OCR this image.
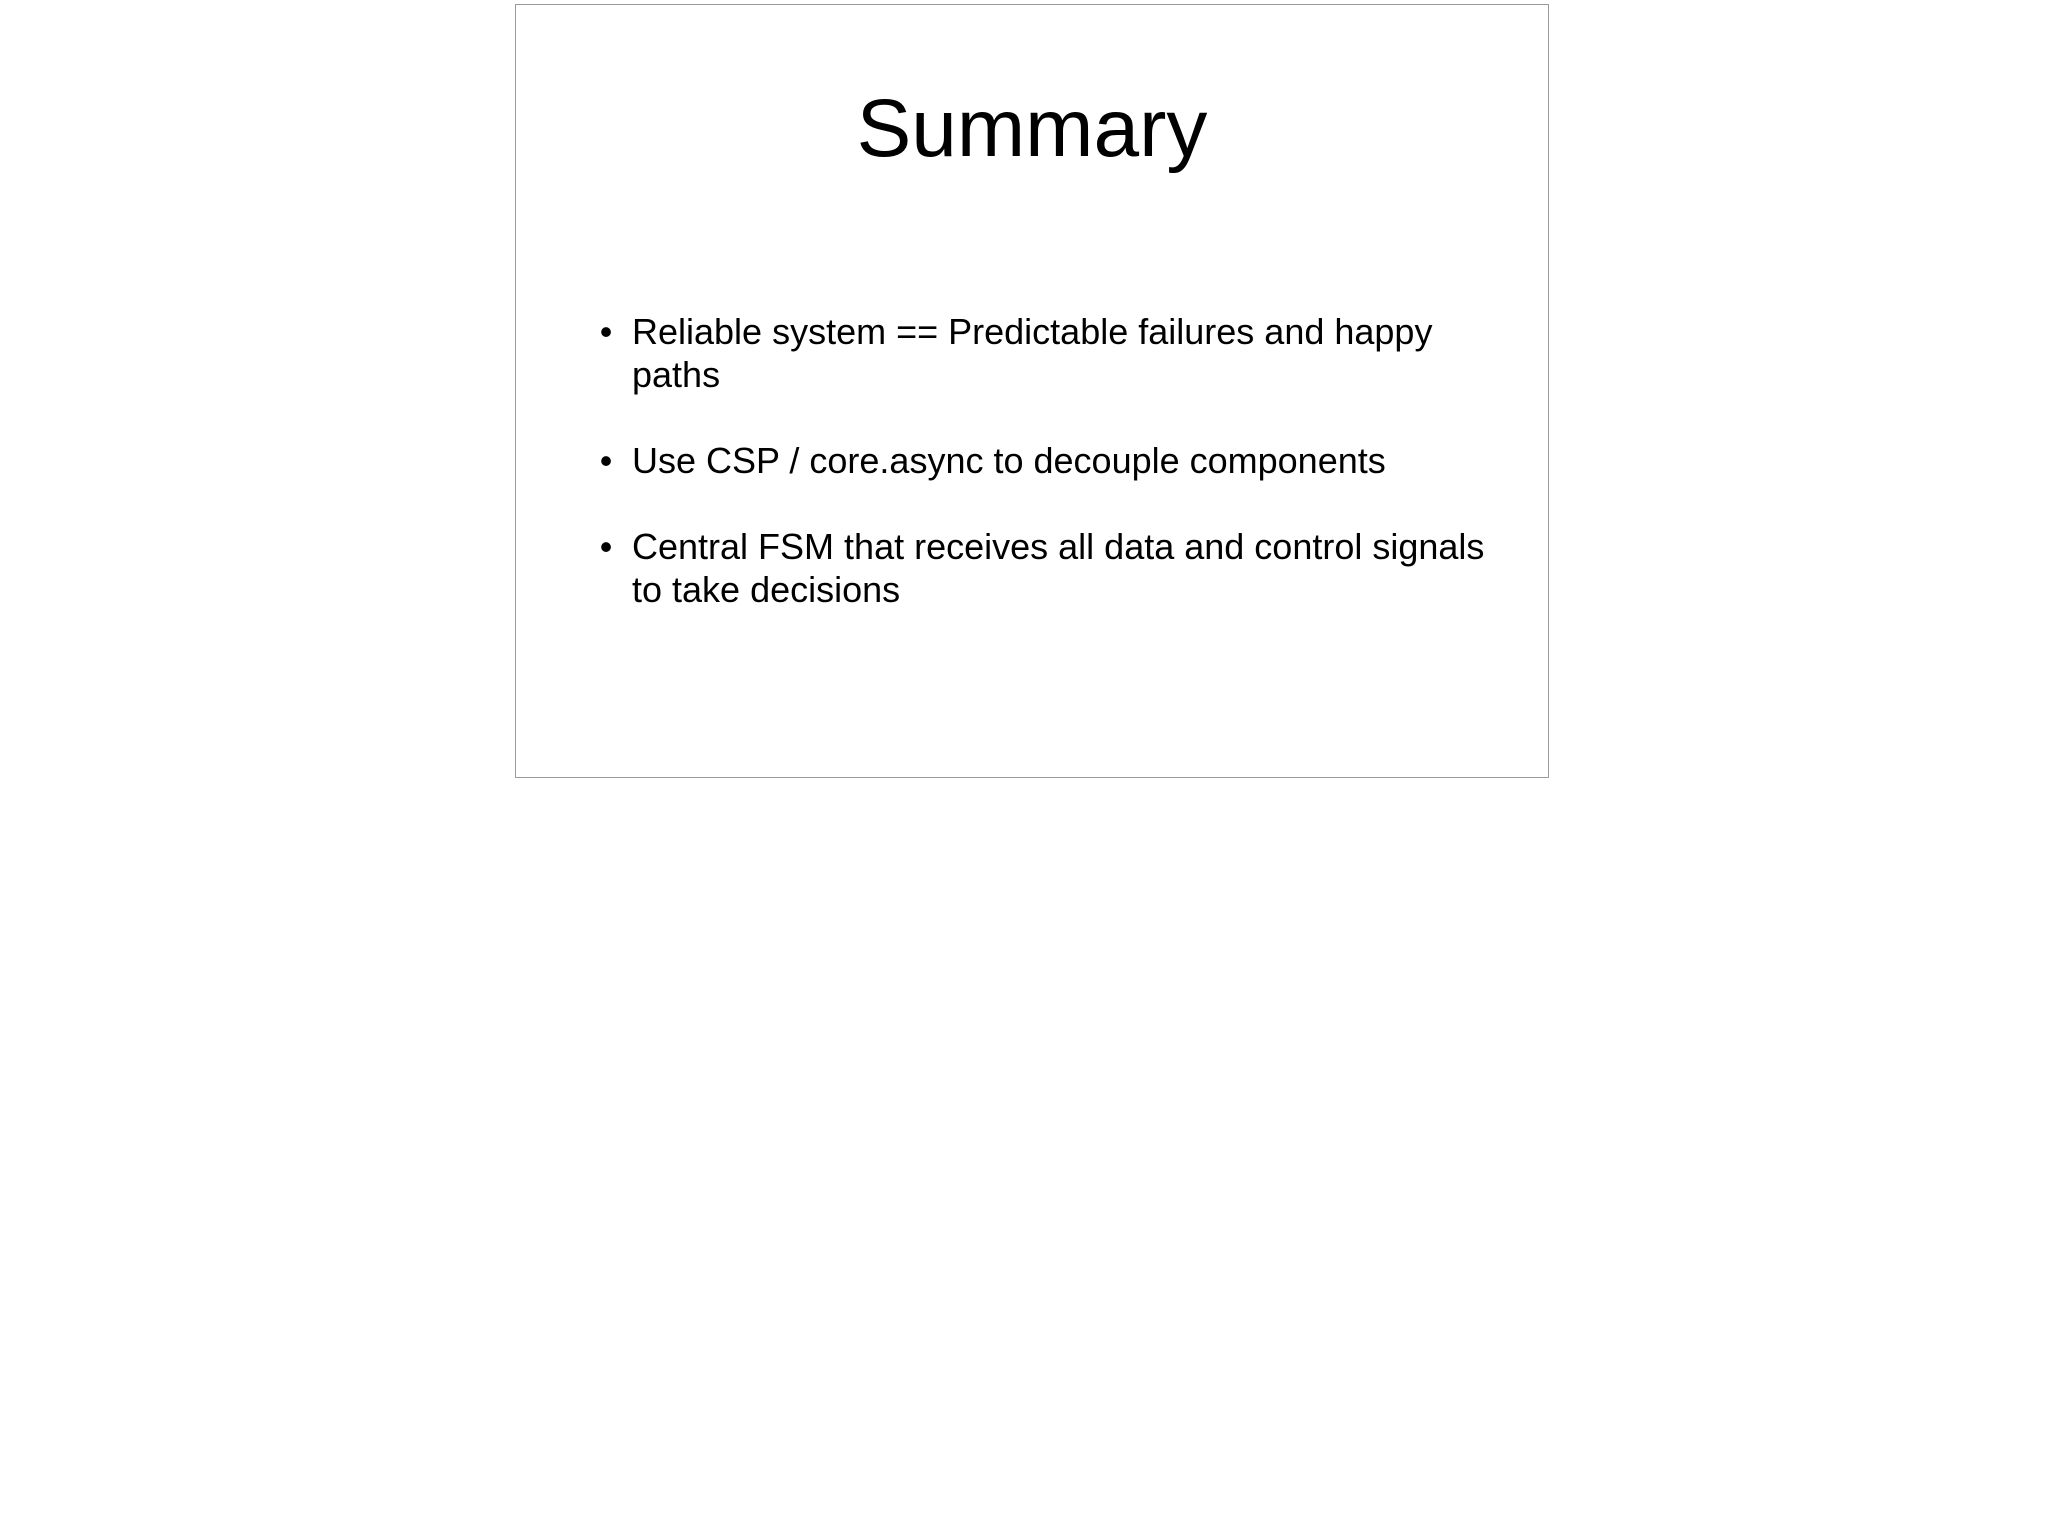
Summary
• Reliable system == Predictable failures and happy paths
• Use CSP / core.async to decouple components
• Central FSM that receives all data and control signals to take decisions
